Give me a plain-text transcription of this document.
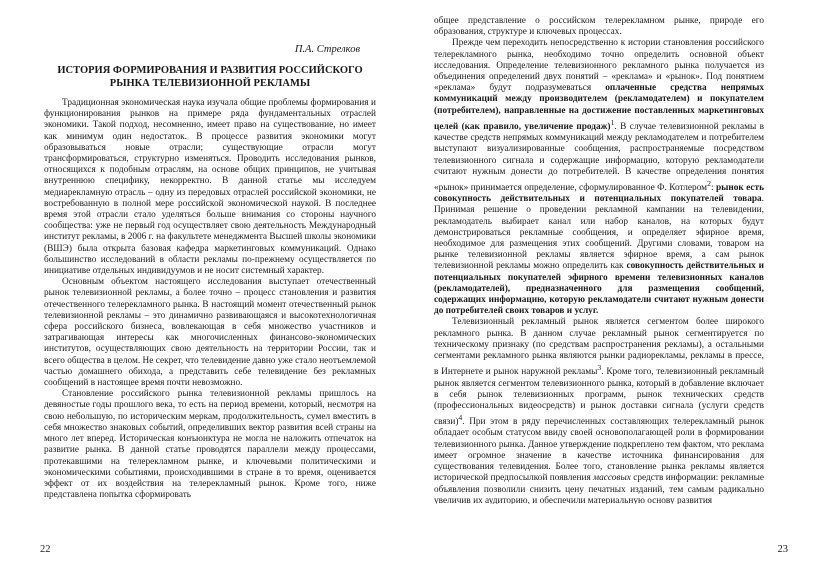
П.А. Стрелков
ИСТОРИЯ ФОРМИРОВАНИЯ И РАЗВИТИЯ РОССИЙСКОГО РЫНКА ТЕЛЕВИЗИОННОЙ РЕКЛАМЫ

Традиционная экономическая наука изучала общие проблемы формирования и функционирования рынков на примере ряда фундаментальных отраслей экономики. Такой подход, несомненно, имеет право на существование, но имеет как минимум один недостаток. В процессе развития экономики могут образовываться новые отрасли; существующие отрасли могут трансформироваться, структурно изменяться. Проводить исследования рынков, относящихся к подобным отраслям, на основе общих принципов, не учитывая внутреннюю специфику, некорректно. В данной статье мы исследуем медиарекламную отрасль – одну из передовых отраслей российской экономики, не востребованную в полной мере российской экономической наукой. В последнее время этой отрасли стало уделяться больше внимания со стороны научного сообщества: уже не первый год осуществляет свою деятельность Международный институт рекламы, в 2006 г. на факультете менеджмента Высшей школы экономики (ВШЭ) была открыта базовая кафедра маркетинговых коммуникаций. Однако большинство исследований в области рекламы по-прежнему осуществляется по инициативе отдельных индивидуумов и не носит системный характер.

Основным объектом настоящего исследования выступает отечественный рынок телевизионной рекламы, а более точно – процесс становления и развития отечественного телерекламного рынка. В настоящий момент отечественный рынок телевизионной рекламы – это динамично развивающаяся и высокотехнологичная сфера российского бизнеса, вовлекающая в себя множество участников и затрагивающая интересы как многочисленных финансово-экономических институтов, осуществляющих свою деятельность на территории России, так и всего общества в целом. Не секрет, что телевидение давно уже стало неотъемлемой частью домашнего обихода, а представить себе телевидение без рекламных сообщений в настоящее время почти невозможно.

Становление российского рынка телевизионной рекламы пришлось на девяностые годы прошлого века, то есть на период времени, который, несмотря на свою небольшую, по историческим меркам, продолжительность, сумел вместить в себя множество знаковых событий, определивших вектор развития всей страны на много лет вперед. Историческая конъюнктура не могла не наложить отпечаток на развитие рынка. В данной статье проводятся параллели между процессами, протекавшими на телерекламном рынке, и ключевыми политическими и экономическими событиями, происходившими в стране в то время, оценивается эффект от их воздействия на телерекламный рынок. Кроме того, ниже представлена попытка сформировать

22

общее представление о российском телерекламном рынке, природе его образования, структуре и ключевых процессах.

Прежде чем переходить непосредственно к истории становления российского телерекламного рынка, необходимо точно определить основной объект исследования. Определение телевизионного рекламного рынка получается из объединения определений двух понятий – «реклама» и «рынок». Под понятием «реклама» будут подразумеваться оплаченные средства непрямых коммуникаций между производителем (рекламодателем) и покупателем (потребителем), направленные на достижение поставленных маркетинговых целей (как правило, увеличение продаж)$^1$. В случае телевизионной рекламы в качестве средств непрямых коммуникаций между рекламодателем и потребителем выступают визуализированные сообщения, распространяемые посредством телевизионного сигнала и содержащие информацию, которую рекламодатели считают нужным донести до потребителей. В качестве определения понятия «рынок» принимается определение, сформулированное Ф. Котлером$^2$: рынок есть совокупность действительных и потенциальных покупателей товара. Принимая решение о проведении рекламной кампании на телевидении, рекламодатель выбирает канал или набор каналов, на которых будут демонстрироваться рекламные сообщения, и определяет эфирное время, необходимое для размещения этих сообщений. Другими словами, товаром на рынке телевизионной рекламы является эфирное время, а сам рынок телевизионной рекламы можно определить как совокупность действительных и потенциальных покупателей эфирного времени телевизионных каналов (рекламодателей), предназначенного для размещения сообщений, содержащих информацию, которую рекламодатели считают нужным донести до потребителей своих товаров и услуг.

Телевизионный рекламный рынок является сегментом более широкого рекламного рынка. В данном случае рекламный рынок сегментируется по техническому признаку (по средствам распространения рекламы), а остальными сегментами рекламного рынка являются рынки радиорекламы, рекламы в прессе, в Интернете и рынок наружной рекламы$^3$. Кроме того, телевизионный рекламный рынок является сегментом телевизионного рынка, который в добавление включает в себя рынок телевизионных программ, рынок технических средств (профессиональных видеосредств) и рынок доставки сигнала (услуги средств связи)$^4$. При этом в ряду перечисленных составляющих телерекламный рынок обладает особым статусом ввиду своей основополагающей роли в формировании телевизионного рынка. Данное утверждение подкреплено тем фактом, что реклама имеет огромное значение в качестве источника финансирования для существования телевидения. Более того, становление рынка рекламы является исторической предпосылкой появления массовых средств информации: рекламные объявления позволили снизить цену печатных изданий, тем самым радикально увеличив их аудиторию, и обеспечили материальную основу развития

23
